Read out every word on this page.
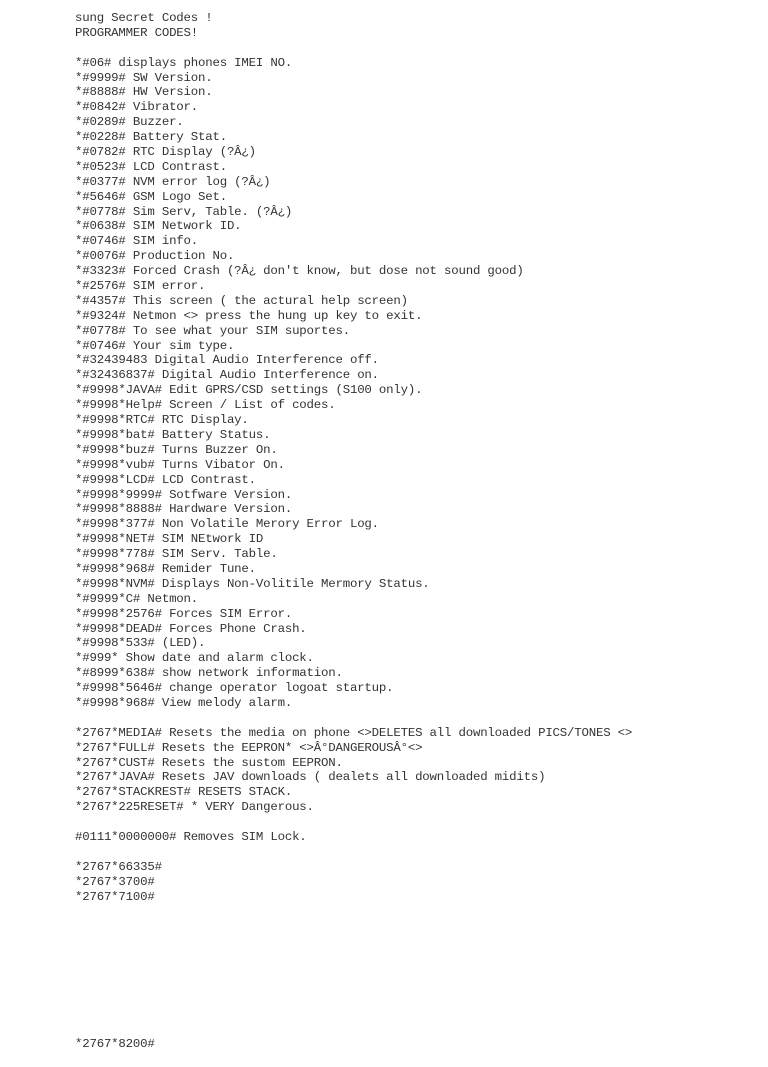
sung Secret Codes !
PROGRAMMER CODES!
*#06# displays phones IMEI NO.
*#9999# SW Version.
*#8888# HW Version.
*#0842# Vibrator.
*#0289# Buzzer.
*#0228# Battery Stat.
*#0782# RTC Display (?Â¿)
*#0523# LCD Contrast.
*#0377# NVM error log (?Â¿)
*#5646# GSM Logo Set.
*#0778# Sim Serv, Table. (?Â¿)
*#0638# SIM Network ID.
*#0746# SIM info.
*#0076# Production No.
*#3323# Forced Crash (?Â¿ don't know, but dose not sound good)
*#2576# SIM error.
*#4357# This screen ( the actural help screen)
*#9324# Netmon <> press the hung up key to exit.
*#0778# To see what your SIM suportes.
*#0746# Your sim type.
*#32439483 Digital Audio Interference off.
*#32436837# Digital Audio Interference on.
*#9998*JAVA# Edit GPRS/CSD settings (S100 only).
*#9998*Help# Screen / List of codes.
*#9998*RTC# RTC Display.
*#9998*bat# Battery Status.
*#9998*buz# Turns Buzzer On.
*#9998*vub# Turns Vibator On.
*#9998*LCD# LCD Contrast.
*#9998*9999# Sotfware Version.
*#9998*8888# Hardware Version.
*#9998*377# Non Volatile Merory Error Log.
*#9998*NET# SIM NEtwork ID
*#9998*778# SIM Serv. Table.
*#9998*968# Remider Tune.
*#9998*NVM# Displays Non-Volitile Mermory Status.
*#9999*C# Netmon.
*#9998*2576# Forces SIM Error.
*#9998*DEAD# Forces Phone Crash.
*#9998*533# (LED).
*#999* Show date and alarm clock.
*#8999*638# show network information.
*#9998*5646# change operator logoat startup.
*#9998*968# View melody alarm.
*2767*MEDIA# Resets the media on phone <>DELETES all downloaded PICS/TONES <>
*2767*FULL# Resets the EEPRON* <>Â°DANGEROUSÂ°<>
*2767*CUST# Resets the sustom EEPRON.
*2767*JAVA# Resets JAV downloads ( dealets all downloaded midits)
*2767*STACKREST# RESETS STACK.
*2767*225RESET# * VERY Dangerous.
#0111*0000000# Removes SIM Lock.
*2767*66335#
*2767*3700#
*2767*7100#

*2767*8200#
